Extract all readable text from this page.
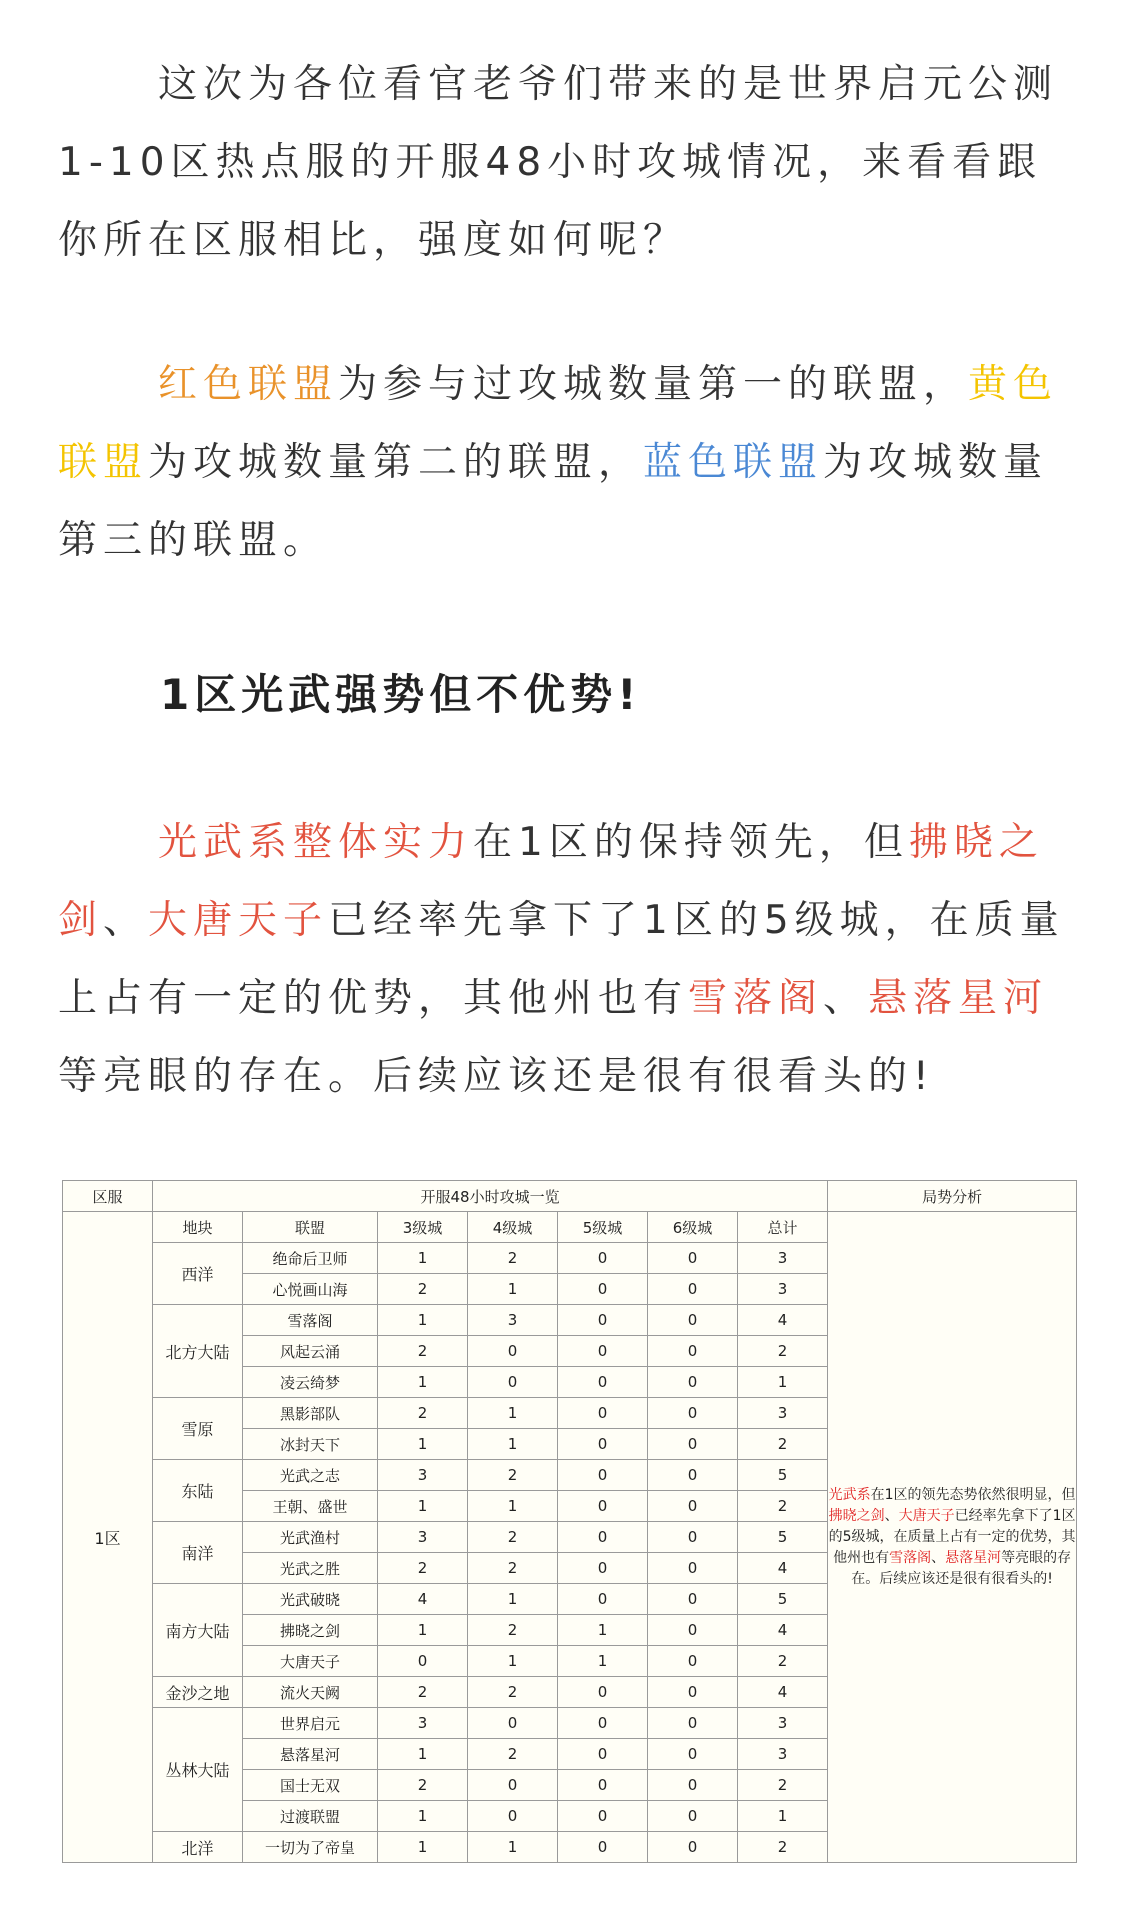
这次为各位看官老爷们带来的是世界启元公测1-10区热点服的开服48小时攻城情况，来看看跟你所在区服相比，强度如何呢？

红色联盟为参与过攻城数量第一的联盟，黄色联盟为攻城数量第二的联盟，蓝色联盟为攻城数量第三的联盟。

1区光武强势但不优势!

光武系整体实力在1区的保持领先，但拂晓之剑、大唐天子已经率先拿下了1区的5级城，在质量上占有一定的优势，其他州也有雪落阁、悬落星河等亮眼的存在。后续应该还是很有很看头的!

区服	开服48小时攻城一览							局势分析
1区	地块	联盟	3级城	4级城	5级城	6级城	总计	光武系在1区的领先态势依然很明显，但拂晓之剑、大唐天子已经率先拿下了1区的5级城，在质量上占有一定的优势，其他州也有雪落阁、悬落星河等亮眼的存在。后续应该还是很有很看头的!
	西洋	绝命后卫师	1	2	0	0	3	
		心悦画山海	2	1	0	0	3	
	北方大陆	雪落阁	1	3	0	0	4	
		风起云涌	2	0	0	0	2	
		凌云绮梦	1	0	0	0	1	
	雪原	黑影部队	2	1	0	0	3	
		冰封天下	1	1	0	0	2	
	东陆	光武之志	3	2	0	0	5	
		王朝、盛世	1	1	0	0	2	
	南洋	光武渔村	3	2	0	0	5	
		光武之胜	2	2	0	0	4	
	南方大陆	光武破晓	4	1	0	0	5	
		拂晓之剑	1	2	1	0	4	
		大唐天子	0	1	1	0	2	
	金沙之地	流火天阙	2	2	0	0	4	
	丛林大陆	世界启元	3	0	0	0	3	
		悬落星河	1	2	0	0	3	
		国士无双	2	0	0	0	2	
		过渡联盟	1	0	0	0	1	
	北洋	一切为了帝皇	1	1	0	0	2	
